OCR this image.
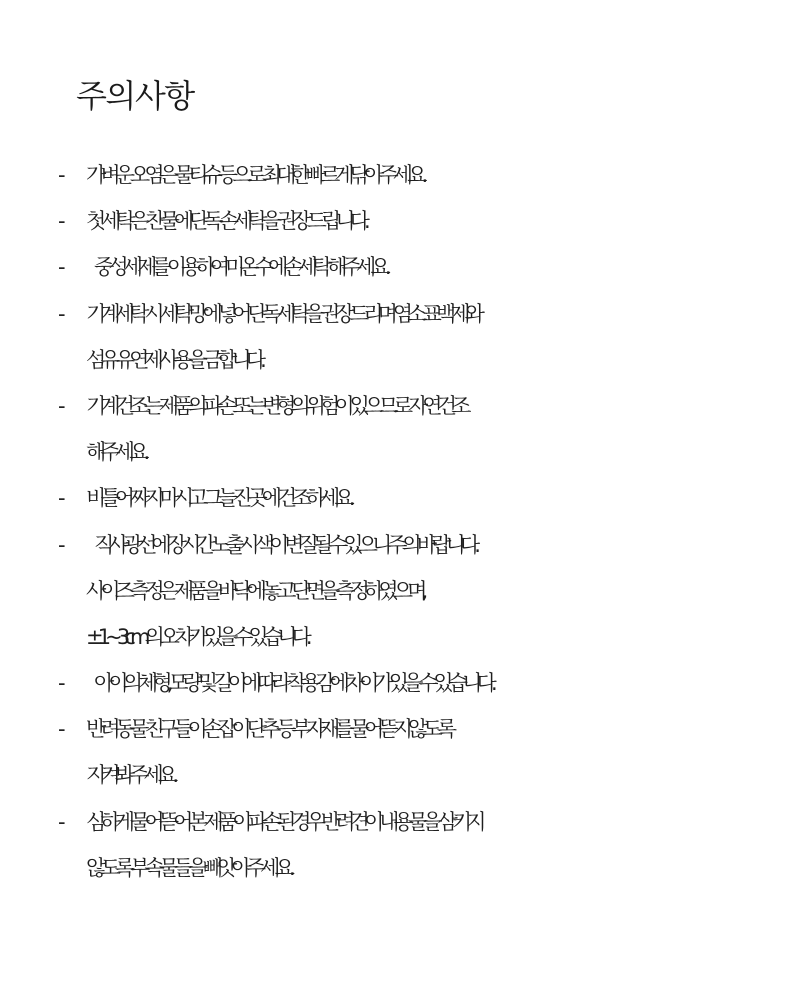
주의사항
- 가벼운 오염은 물티슈 등으로 최대한 빠르게 닦아주세요.
- 첫 세탁은 찬물에 단독 손세탁을 권장 드립니다.
-	중성세제를 이용하여 미온수에 손세탁 해주세요.
- 기계세탁 시 세탁망에 넣어 단독세탁을 권장드리며 염소표백제와
섬유유연제 사용을 금합니다.
- 기계건조는 제품의 파손 또는 변형의 위험이 있으므로 자연건조
해주세요.
- 비틀어 짜지 마시고 그늘진 곳에 건조하세요.
-	직사광선에 장시간 노출시 색이 변질될 수 있으니 주의 바랍니다.
사이즈 측정은 제품을 바닥에 놓고 단면을 측정하였으며,
±1~3cm의 오차가 있을 수 있습니다.
-	아이의 체형, 모량 및 길이에 따라 착용감에 차이가 있을 수 있습니다.
- 반려동물 친구들이 손잡이 단추 등 부자재를 물어뜯지 않도록
지켜봐주세요.
- 심하게 물어뜯어 본 제품이 파손된 경우 반려견이 내용물을 삼키지
않도록 부속물들을 빼앗아주세요.
